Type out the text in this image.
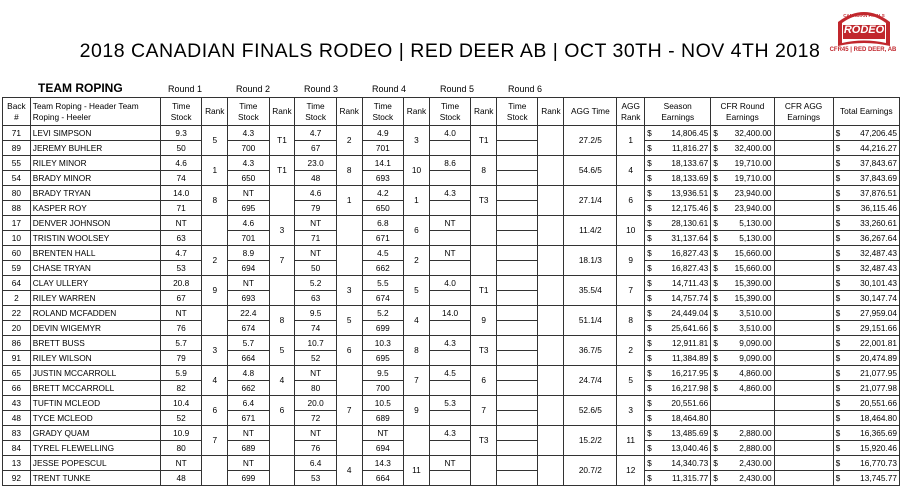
2018 CANADIAN FINALS RODEO | RED DEER AB | OCT 30TH - NOV 4TH 2018
RODEO
CANADIAN FINALS
CFR45 | RED DEER, AB
TEAM ROPING	Round 1	Round 2	Round 3	Round 4	Round 5	Round 6
Back #	Team Roping - Header Team Roping - Heeler	Time Stock	Rank	Time Stock	Rank	Time Stock	Rank	Time Stock	Rank	Time Stock	Rank	Time Stock	Rank	AGG Time	AGG Rank	Season Earnings	CFR Round Earnings	CFR AGG Earnings	Total Earnings
71	LEVI SIMPSON	9.3	5	4.3	T1	4.7	2	4.9	3	4.0	T1			27.2/5	1	$ 14,806.45	$ 32,400.00		$ 47,206.45

89	JEREMY BUHLER	50		700		67		701								$ 11,816.27	$ 32,400.00		$ 44,216.27

55	RILEY MINOR	4.6	1	4.3	T1	23.0	8	14.1	10	8.6	8			54.6/5	4	$ 18,133.67	$ 19,710.00		$ 37,843.67

54	BRADY MINOR	74		650		48		693								$ 18,133.69	$ 19,710.00		$ 37,843.69

80	BRADY TRYAN	14.0	8	NT		4.6	1	4.2	1	4.3	T3			27.1/4	6	$ 13,936.51	$ 23,940.00		$ 37,876.51

88	KASPER ROY	71		695		79		650								$ 12,175.46	$ 23,940.00		$ 36,115.46

17	DENVER JOHNSON	NT		4.6	3	NT		6.8	6	NT				11.4/2	10	$ 28,130.61	$ 5,130.00		$ 33,260.61

10	TRISTIN WOOLSEY	63		701		71		671								$ 31,137.64	$ 5,130.00		$ 36,267.64

60	BRENTEN HALL	4.7	2	8.9	7	NT		4.5	2	NT				18.1/3	9	$ 16,827.43	$ 15,660.00		$ 32,487.43

59	CHASE TRYAN	53		694		50		662								$ 16,827.43	$ 15,660.00		$ 32,487.43

64	CLAY ULLERY	20.8	9	NT		5.2	3	5.5	5	4.0	T1			35.5/4	7	$ 14,711.43	$ 15,390.00		$ 30,101.43

2	RILEY WARREN	67		693		63		674								$ 14,757.74	$ 15,390.00		$ 30,147.74

22	ROLAND MCFADDEN	NT		22.4	8	9.5	5	5.2	4	14.0	9			51.1/4	8	$ 24,449.04	$ 3,510.00		$ 27,959.04

20	DEVIN WIGEMYR	76		674		74		699								$ 25,641.66	$ 3,510.00		$ 29,151.66

86	BRETT BUSS	5.7	3	5.7	5	10.7	6	10.3	8	4.3	T3			36.7/5	2	$ 12,911.81	$ 9,090.00		$ 22,001.81

91	RILEY WILSON	79		664		52		695								$ 11,384.89	$ 9,090.00		$ 20,474.89

65	JUSTIN MCCARROLL	5.9	4	4.8	4	NT		9.5	7	4.5	6			24.7/4	5	$ 16,217.95	$ 4,860.00		$ 21,077.95

66	BRETT MCCARROLL	82		662		80		700								$ 16,217.98	$ 4,860.00		$ 21,077.98

43	TUFTIN MCLEOD	10.4	6	6.4	6	20.0	7	10.5	9	5.3	7			52.6/5	3	$ 20,551.66			$ 20,551.66

48	TYCE MCLEOD	52		671		72		689								$ 18,464.80			$ 18,464.80

83	GRADY QUAM	10.9	7	NT		NT		NT		4.3	T3			15.2/2	11	$ 13,485.69	$ 2,880.00		$ 16,365.69

84	TYREL FLEWELLING	80		689		76		694								$ 13,040.46	$ 2,880.00		$ 15,920.46

13	JESSE POPESCUL	NT		NT		6.4	4	14.3	11	NT				20.7/2	12	$ 14,340.73	$ 2,430.00		$ 16,770.73

92	TRENT TUNKE	48		699		53		664								$ 11,315.77	$ 2,430.00		$ 13,745.77
